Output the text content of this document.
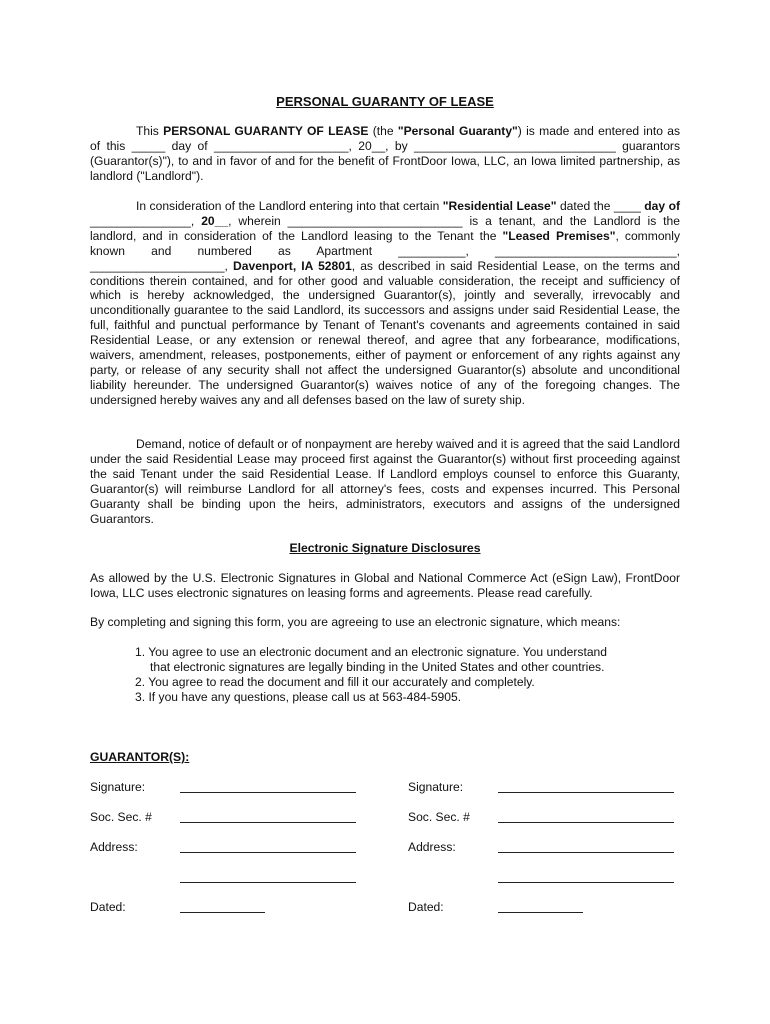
PERSONAL GUARANTY OF LEASE

This PERSONAL GUARANTY OF LEASE (the "Personal Guaranty") is made and entered into as of this _____ day of ____________________, 20__, by ______________________________ guarantors (Guarantor(s)"), to and in favor of and for the benefit of FrontDoor Iowa, LLC, an Iowa limited partnership, as landlord ("Landlord").

In consideration of the Landlord entering into that certain "Residential Lease" dated the ____ day of _______________, 20__, wherein __________________________ is a tenant, and the Landlord is the landlord, and in consideration of the Landlord leasing to the Tenant the "Leased Premises", commonly known and numbered as Apartment __________, ___________________________, ____________________, Davenport, IA 52801, as described in said Residential Lease, on the terms and conditions therein contained, and for other good and valuable consideration, the receipt and sufficiency of which is hereby acknowledged, the undersigned Guarantor(s), jointly and severally, irrevocably and unconditionally guarantee to the said Landlord, its successors and assigns under said Residential Lease, the full, faithful and punctual performance by Tenant of Tenant's covenants and agreements contained in said Residential Lease, or any extension or renewal thereof, and agree that any forbearance, modifications, waivers, amendment, releases, postponements, either of payment or enforcement of any rights against any party, or release of any security shall not affect the undersigned Guarantor(s) absolute and unconditional liability hereunder. The undersigned Guarantor(s) waives notice of any of the foregoing changes. The undersigned hereby waives any and all defenses based on the law of surety ship.

Demand, notice of default or of nonpayment are hereby waived and it is agreed that the said Landlord under the said Residential Lease may proceed first against the Guarantor(s) without first proceeding against the said Tenant under the said Residential Lease. If Landlord employs counsel to enforce this Guaranty, Guarantor(s) will reimburse Landlord for all attorney's fees, costs and expenses incurred. This Personal Guaranty shall be binding upon the heirs, administrators, executors and assigns of the undersigned Guarantors.

Electronic Signature Disclosures

As allowed by the U.S. Electronic Signatures in Global and National Commerce Act (eSign Law), FrontDoor Iowa, LLC uses electronic signatures on leasing forms and agreements. Please read carefully.

By completing and signing this form, you are agreeing to use an electronic signature, which means:

1. You agree to use an electronic document and an electronic signature. You understand
that electronic signatures are legally binding in the United States and other countries.
2. You agree to read the document and fill it our accurately and completely.
3. If you have any questions, please call us at 563-484-5905.
GUARANTOR(S):
Signature:
Soc. Sec. #
Address:
Dated:
Signature:
Soc. Sec. #
Address:
Dated:
